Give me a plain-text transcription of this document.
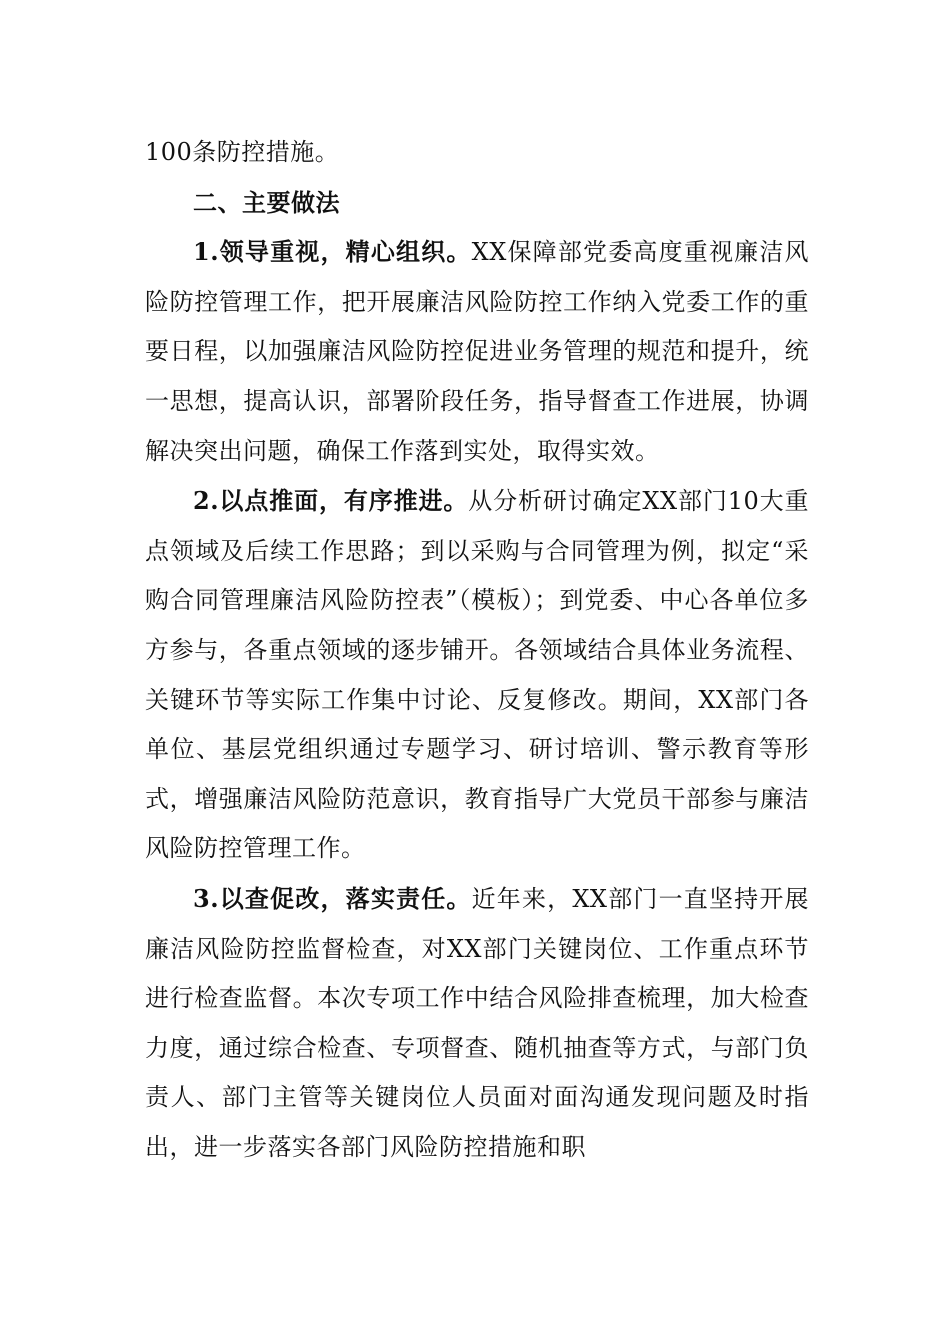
100条防控措施。

二、主要做法

1.领导重视，精心组织。XX保障部党委高度重视廉洁风险防控管理工作，把开展廉洁风险防控工作纳入党委工作的重要日程，以加强廉洁风险防控促进业务管理的规范和提升，统一思想，提高认识，部署阶段任务，指导督查工作进展，协调解决突出问题，确保工作落到实处，取得实效。

2.以点推面，有序推进。从分析研讨确定XX部门10大重点领域及后续工作思路；到以采购与合同管理为例，拟定“采购合同管理廉洁风险防控表”（模板）；到党委、中心各单位多方参与，各重点领域的逐步铺开。各领域结合具体业务流程、关键环节等实际工作集中讨论、反复修改。期间，XX部门各单位、基层党组织通过专题学习、研讨培训、警示教育等形式，增强廉洁风险防范意识，教育指导广大党员干部参与廉洁风险防控管理工作。

3.以查促改，落实责任。近年来，XX部门一直坚持开展廉洁风险防控监督检查，对XX部门关键岗位、工作重点环节进行检查监督。本次专项工作中结合风险排查梳理，加大检查力度，通过综合检查、专项督查、随机抽查等方式，与部门负责人、部门主管等关键岗位人员面对面沟通发现问题及时指出，进一步落实各部门风险防控措施和职
